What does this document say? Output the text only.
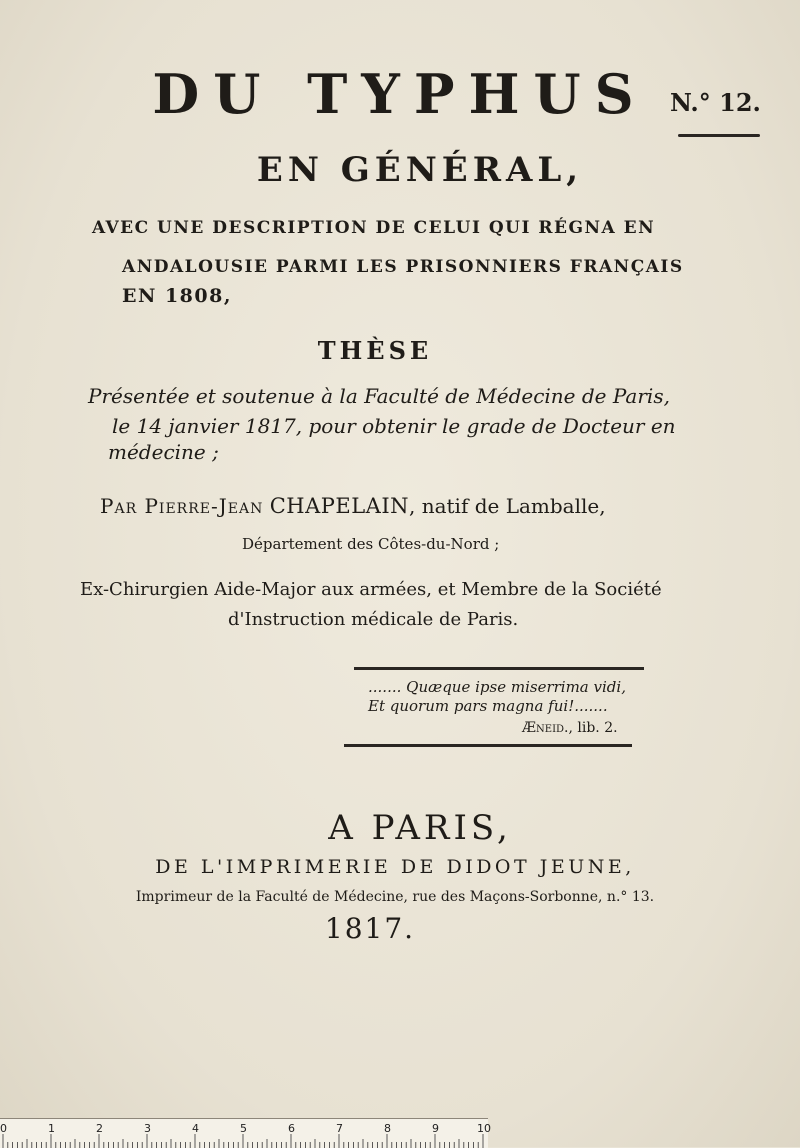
DU TYPHUS N.° 12.
EN GÉNÉRAL,
AVEC UNE DESCRIPTION DE CELUI QUI RÉGNA EN
ANDALOUSIE PARMI LES PRISONNIERS FRANÇAIS
EN 1808,
THÈSE
Présentée et soutenue à la Faculté de Médecine de Paris,
le 14 janvier 1817, pour obtenir le grade de Docteur en
médecine ;
Par Pierre-Jean CHAPELAIN, natif de Lamballe,
Département des Côtes-du-Nord ;
Ex-Chirurgien Aide-Major aux armées, et Membre de la Société
d'Instruction médicale de Paris.
....... Quæque ipse miserrima vidi,
Et quorum pars magna fui!.......
Æneid., lib. 2.
A PARIS,
DE L'IMPRIMERIE DE DIDOT JEUNE,
Imprimeur de la Faculté de Médecine, rue des Maçons-Sorbonne, n.° 13.
1817.
0	1	2	3	4	5	6	7	8	9	10
